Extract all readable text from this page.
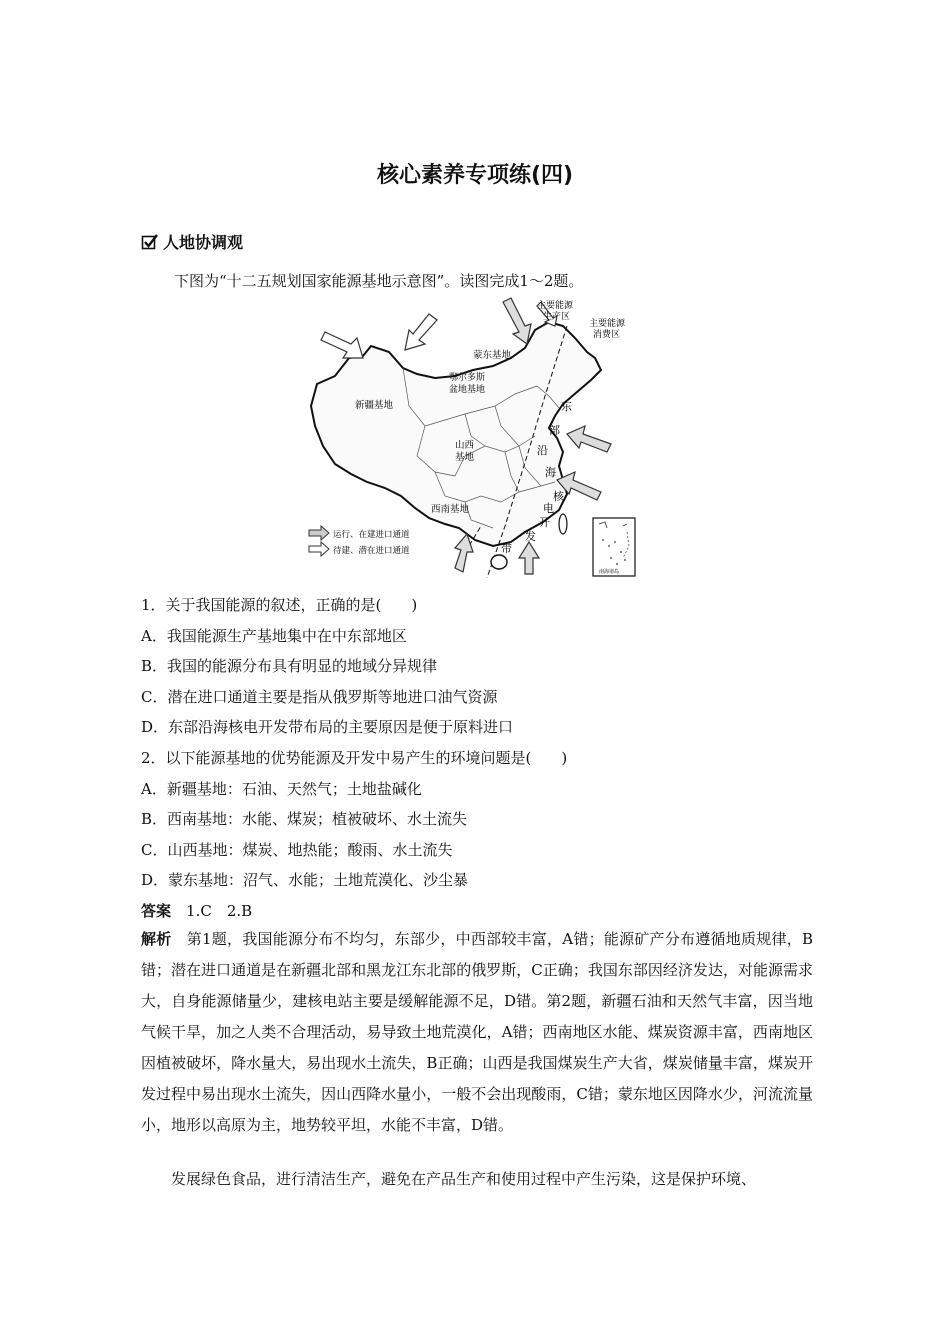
核心素养专项练(四)
人地协调观
下图为“十二五规划国家能源基地示意图”。读图完成1～2题。
主要能源
生产区
主要能源
消费区
蒙东基地
鄂尔多斯
盆地基地
新疆基地
山西
基地
西南基地
东
部
沿
海
核
电
开
发
带
运行、在建进口通道
待建、潜在进口通道
南海诸岛
1．关于我国能源的叙述，正确的是(　　)
A．我国能源生产基地集中在中东部地区
B．我国的能源分布具有明显的地域分异规律
C．潜在进口通道主要是指从俄罗斯等地进口油气资源
D．东部沿海核电开发带布局的主要原因是便于原料进口
2．以下能源基地的优势能源及开发中易产生的环境问题是(　　)
A．新疆基地：石油、天然气；土地盐碱化
B．西南基地：水能、煤炭；植被破坏、水土流失
C．山西基地：煤炭、地热能；酸雨、水土流失
D．蒙东基地：沼气、水能；土地荒漠化、沙尘暴
答案　 1.C　2.B
解析　 第1题，我国能源分布不均匀，东部少，中西部较丰富，A错；能源矿产分布遵循地质规律，B错；潜在进口通道是在新疆北部和黑龙江东北部的俄罗斯，C正确；我国东部因经济发达，对能源需求大，自身能源储量少，建核电站主要是缓解能源不足，D错。第2题，新疆石油和天然气丰富，因当地气候干旱，加之人类不合理活动，易导致土地荒漠化，A错；西南地区水能、煤炭资源丰富，西南地区因植被破坏，降水量大，易出现水土流失，B正确；山西是我国煤炭生产大省，煤炭储量丰富，煤炭开发过程中易出现水土流失，因山西降水量小，一般不会出现酸雨，C错；蒙东地区因降水少，河流流量小，地形以高原为主，地势较平坦，水能不丰富，D错。
发展绿色食品，进行清洁生产，避免在产品生产和使用过程中产生污染，这是保护环境、
